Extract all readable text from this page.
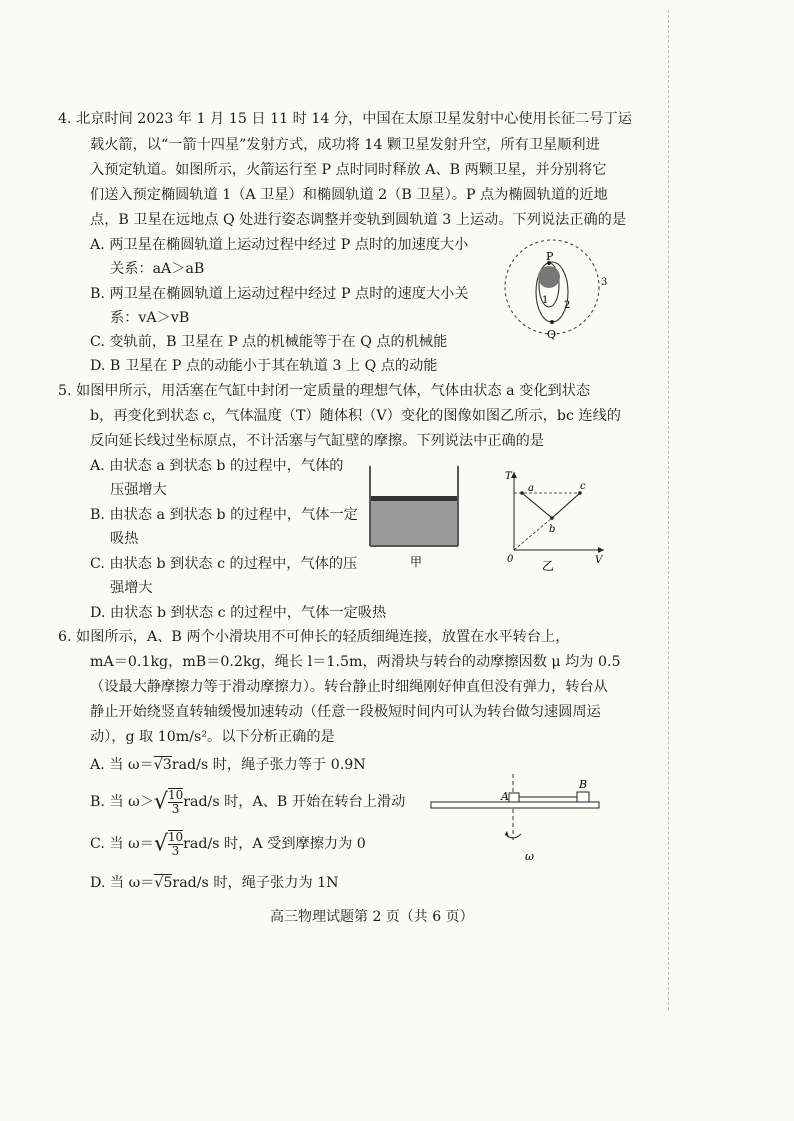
4. 北京时间 2023 年 1 月 15 日 11 时 14 分，中国在太原卫星发射中心使用长征二号丁运
载火箭，以“一箭十四星”发射方式，成功将 14 颗卫星发射升空，所有卫星顺利进
入预定轨道。如图所示，火箭运行至 P 点时同时释放 A、B 两颗卫星，并分别将它
们送入预定椭圆轨道 1（A 卫星）和椭圆轨道 2（B 卫星）。P 点为椭圆轨道的近地
点，B 卫星在远地点 Q 处进行姿态调整并变轨到圆轨道 3 上运动。下列说法正确的是
A. 两卫星在椭圆轨道上运动过程中经过 P 点时的加速度大小
关系：aA＞aB
B. 两卫星在椭圆轨道上运动过程中经过 P 点时的速度大小关
系：vA＞vB
C. 变轨前，B 卫星在 P 点的机械能等于在 Q 点的机械能
D. B 卫星在 P 点的动能小于其在轨道 3 上 Q 点的动能
P
Q
1 2
3
5. 如图甲所示，用活塞在气缸中封闭一定质量的理想气体，气体由状态 a 变化到状态
b，再变化到状态 c，气体温度（T）随体积（V）变化的图像如图乙所示，bc 连线的
反向延长线过坐标原点，不计活塞与气缸壁的摩擦。下列说法中正确的是
A. 由状态 a 到状态 b 的过程中，气体的
压强增大
B. 由状态 a 到状态 b 的过程中，气体一定
吸热
C. 由状态 b 到状态 c 的过程中，气体的压
强增大
D. 由状态 b 到状态 c 的过程中，气体一定吸热
甲
T
V
0
a
b
c
乙
6. 如图所示，A、B 两个小滑块用不可伸长的轻质细绳连接，放置在水平转台上，
mA＝0.1kg，mB＝0.2kg，绳长 l＝1.5m，两滑块与转台的动摩擦因数 μ 均为 0.5
（设最大静摩擦力等于滑动摩擦力）。转台静止时细绳刚好伸直但没有弹力，转台从
静止开始绕竖直转轴缓慢加速转动（任意一段极短时间内可认为转台做匀速圆周运
动），g 取 10m/s²。以下分析正确的是
A. 当 ω＝√3rad/s 时，绳子张力等于 0.9N
B. 当 $\omega>√ \frac{10}{3} rad/s$ 时，A、B 开始在转台上滑动
C. 当 $\omega=√ \frac{10}{3} rad/s$ 时，A 受到摩擦力为 0
D. 当 ω＝√5rad/s 时，绳子张力为 1N
A
B
ω
高三物理试题第 2 页（共 6 页）
